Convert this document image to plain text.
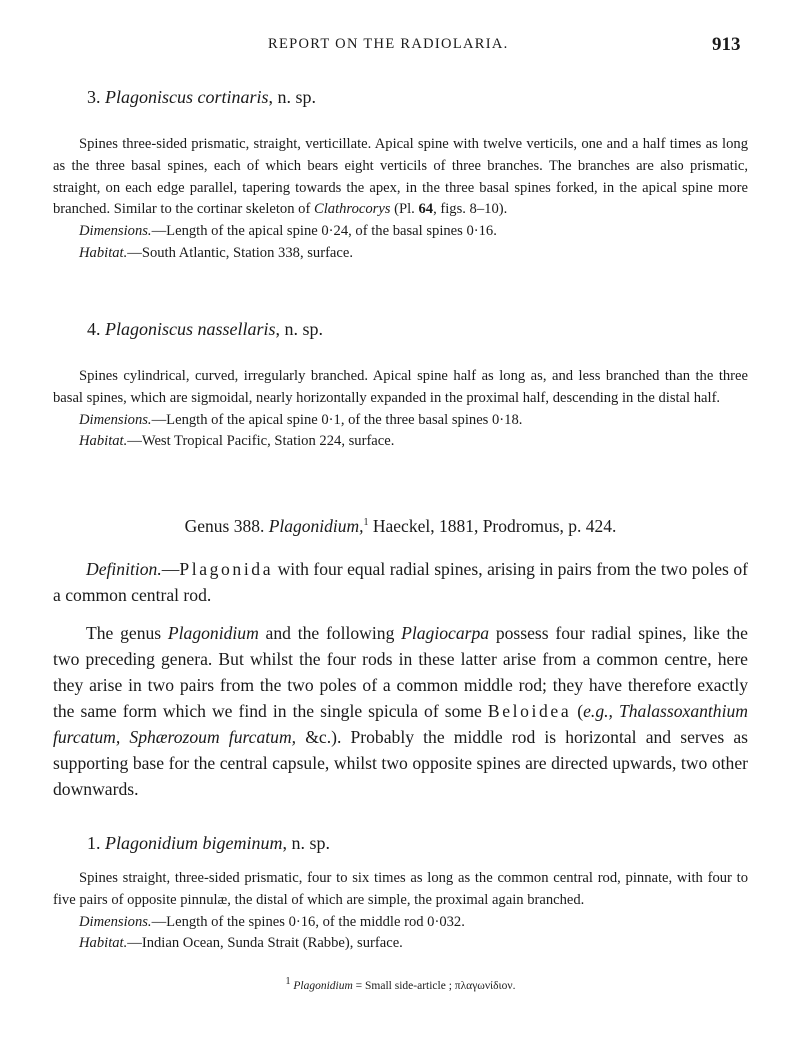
REPORT ON THE RADIOLARIA.	913
3. Plagoniscus cortinaris, n. sp.

Spines three-sided prismatic, straight, verticillate. Apical spine with twelve verticils, one and a half times as long as the three basal spines, each of which bears eight verticils of three branches. The branches are also prismatic, straight, on each edge parallel, tapering towards the apex, in the three basal spines forked, in the apical spine more branched. Similar to the cortinar skeleton of Clathrocorys (Pl. 64, figs. 8–10).

Dimensions.—Length of the apical spine 0·24, of the basal spines 0·16.
Habitat.—South Atlantic, Station 338, surface.
4. Plagoniscus nassellaris, n. sp.

Spines cylindrical, curved, irregularly branched. Apical spine half as long as, and less branched than the three basal spines, which are sigmoidal, nearly horizontally expanded in the proximal half, descending in the distal half.

Dimensions.—Length of the apical spine 0·1, of the three basal spines 0·18.
Habitat.—West Tropical Pacific, Station 224, surface.
Genus 388. Plagonidium,$^1$ Haeckel, 1881, Prodromus, p. 424.

Definition.—Plagonida with four equal radial spines, arising in pairs from the two poles of a common central rod.

The genus Plagonidium and the following Plagiocarpa possess four radial spines, like the two preceding genera. But whilst the four rods in these latter arise from a common centre, here they arise in two pairs from the two poles of a common middle rod; they have therefore exactly the same form which we find in the single spicula of some Beloidea (e.g., Thalassoxanthium furcatum, Sphærozoum furcatum, &c.). Probably the middle rod is horizontal and serves as supporting base for the central capsule, whilst two opposite spines are directed upwards, two other downwards.

1. Plagonidium bigeminum, n. sp.

Spines straight, three-sided prismatic, four to six times as long as the common central rod, pinnate, with four to five pairs of opposite pinnulæ, the distal of which are simple, the proximal again branched.

Dimensions.—Length of the spines 0·16, of the middle rod 0·032.
Habitat.—Indian Ocean, Sunda Strait (Rabbe), surface.
$^1$ Plagonidium = Small side-article ; πλαγωνίδιον.
